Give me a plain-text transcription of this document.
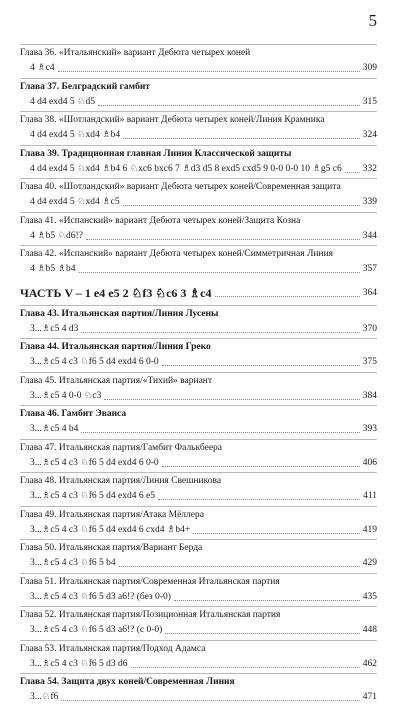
5
Глава 36. «Итальянский» вариант Дебюта четырех коней
4 ♗c4	309
Глава 37. Белградский гамбит
4 d4 exd4 5 ♘d5	315
Глава 38. «Шотландский» вариант Дебюта четырех коней/Линия Крамника
4 d4 exd4 5 ♘xd4 ♗b4	324
Глава 39. Традиционная главная Линия Классической защиты
4 d4 exd4 5 ♘xd4 ♗b4 6 ♘xc6 bxc6 7 ♗d3 d5 8 exd5 cxd5 9 0-0 0-0 10 ♗g5 c6 332
Глава 40. «Шотландский» вариант Дебюта четырех коней/Современная защита
4 d4 exd4 5 ♘xd4 ♗c5	339
Глава 41. «Испанский» вариант Дебюта четырех коней/Защита Козна
4 ♗b5 ♘d6!?	344
Глава 42. «Испанский» вариант Дебюта четырех коней/Симметричная Линия
4 ♗b5 ♗b4	357
ЧАСТЬ V – 1 e4 e5 2 ♘f3 ♘c6 3 ♗c4	364
Глава 43. Итальянская партия/Линия Лусены
3...♗c5 4 d3	370
Глава 44. Итальянская партия/Линия Греко
3...♗c5 4 c3 ♘f6 5 d4 exd4 6 0-0	375
Глава 45. Итальянская партия/«Тихий» вариант
3...♗c5 4 0-0 ♘c3	384
Глава 46. Гамбит Эванса
3...♗c5 4 b4	393
Глава 47. Итальянская партия/Гамбит Фалькбеера
3...♗c5 4 c3 ♘f6 5 d4 exd4 6 0-0	406
Глава 48. Итальянская партия/Линия Свешникова
3...♗c5 4 c3 ♘f6 5 d4 exd4 6 e5	411
Глава 49. Итальянская партия/Атака Мёллера
3...♗c5 4 c3 ♘f6 5 d4 exd4 6 cxd4 ♗b4+	419
Глава 50. Итальянская партия/Вариант Берда
3...♗c5 4 c3 ♘f6 5 b4	429
Глава 51. Итальянская партия/Современная Итальянская партия
3...♗c5 4 c3 ♘f6 5 d3 a6!? (без 0-0)	435
Глава 52. Итальянская партия/Позиционная Итальянская партия
3...♗c5 4 c3 ♘f6 5 d3 a6!? (с 0-0)	448
Глава 53. Итальянская партия/Подход Адамса
3...♗c5 4 c3 ♘f6 5 d3 d6	462
Глава 54. Защита двух коней/Современная Линия
3...♘f6	471
